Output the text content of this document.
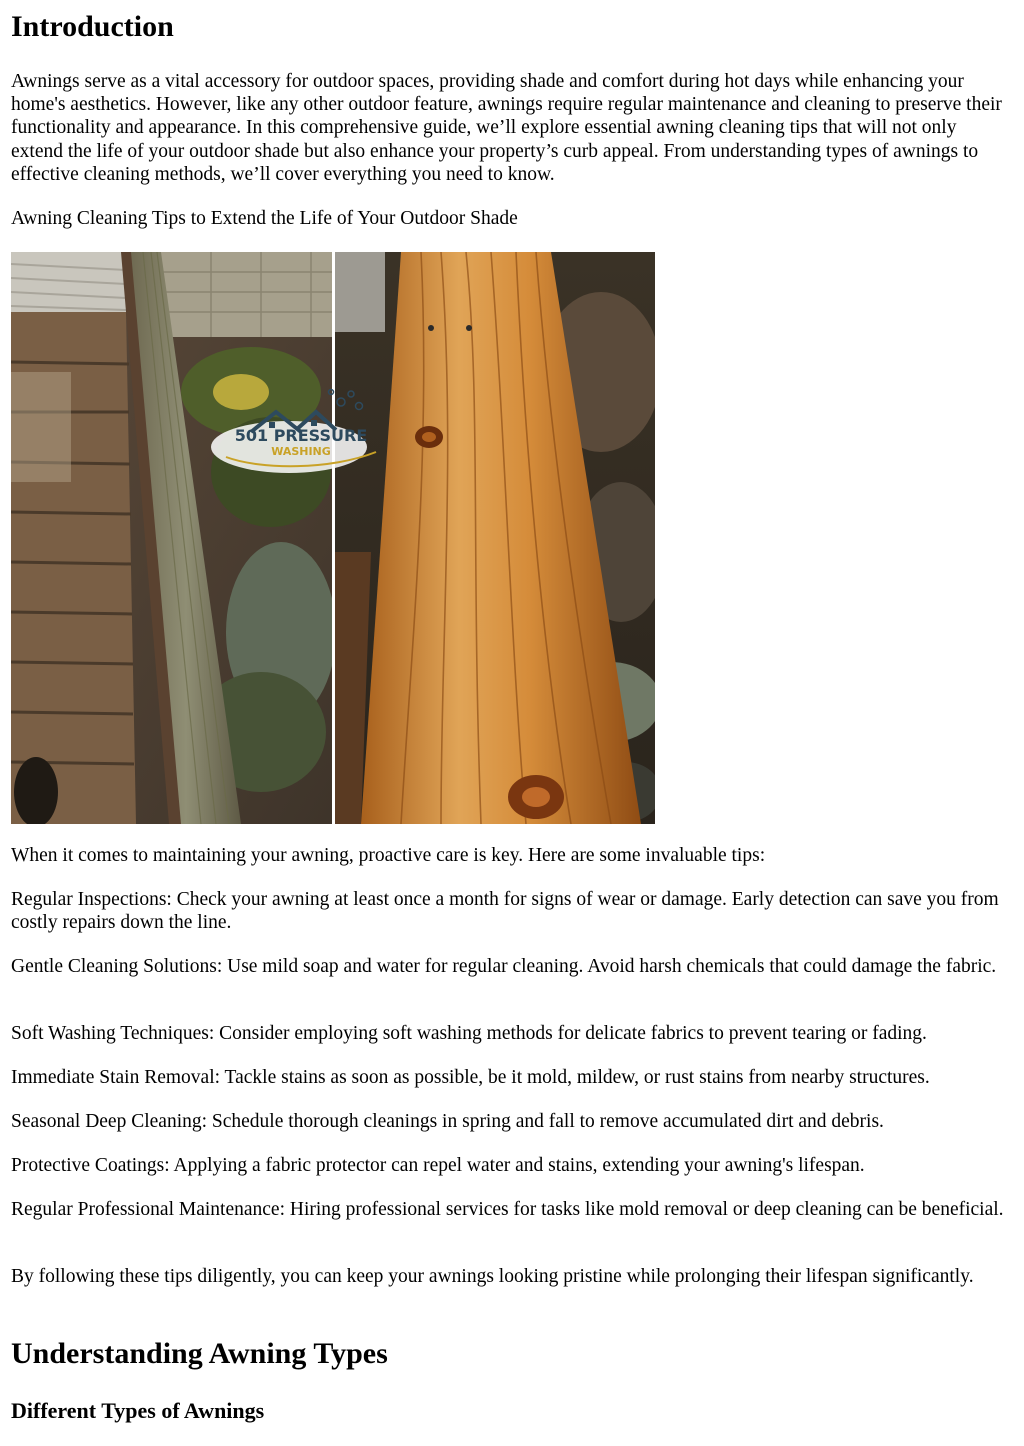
Introduction

Awnings serve as a vital accessory for outdoor spaces, providing shade and comfort during hot days while enhancing your home's aesthetics. However, like any other outdoor feature, awnings require regular maintenance and cleaning to preserve their functionality and appearance. In this comprehensive guide, we’ll explore essential awning cleaning tips that will not only extend the life of your outdoor shade but also enhance your property’s curb appeal. From understanding types of awnings to effective cleaning methods, we’ll cover everything you need to know.

Awning Cleaning Tips to Extend the Life of Your Outdoor Shade

501 PRESSURE
WASHING

When it comes to maintaining your awning, proactive care is key. Here are some invaluable tips:

Regular Inspections: Check your awning at least once a month for signs of wear or damage. Early detection can save you from costly repairs down the line.

Gentle Cleaning Solutions: Use mild soap and water for regular cleaning. Avoid harsh chemicals that could damage the fabric.

Soft Washing Techniques: Consider employing soft washing methods for delicate fabrics to prevent tearing or fading.

Immediate Stain Removal: Tackle stains as soon as possible, be it mold, mildew, or rust stains from nearby structures.

Seasonal Deep Cleaning: Schedule thorough cleanings in spring and fall to remove accumulated dirt and debris.

Protective Coatings: Applying a fabric protector can repel water and stains, extending your awning's lifespan.

Regular Professional Maintenance: Hiring professional services for tasks like mold removal or deep cleaning can be beneficial.

By following these tips diligently, you can keep your awnings looking pristine while prolonging their lifespan significantly.

Understanding Awning Types
Different Types of Awnings
